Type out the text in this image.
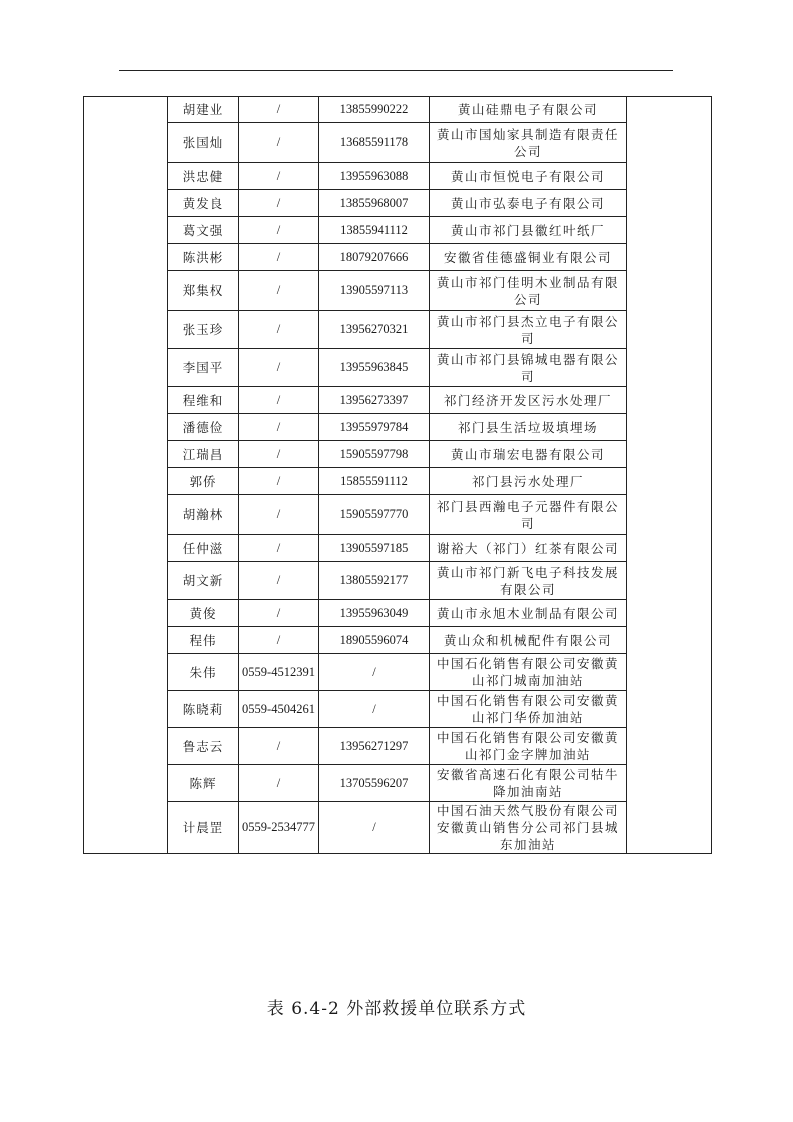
	胡建业	/	13855990222	黄山硅鼎电子有限公司	
	张国灿	/	13685591178	黄山市国灿家具制造有限责任公司	
	洪忠健	/	13955963088	黄山市恒悦电子有限公司	
	黄发良	/	13855968007	黄山市弘泰电子有限公司	
	葛文强	/	13855941112	黄山市祁门县徽红叶纸厂	
	陈洪彬	/	18079207666	安徽省佳德盛铜业有限公司	
	郑集权	/	13905597113	黄山市祁门佳明木业制品有限公司	
	张玉珍	/	13956270321	黄山市祁门县杰立电子有限公司	
	李国平	/	13955963845	黄山市祁门县锦城电器有限公司	
	程维和	/	13956273397	祁门经济开发区污水处理厂	
	潘德俭	/	13955979784	祁门县生活垃圾填埋场	
	江瑞昌	/	15905597798	黄山市瑞宏电器有限公司	
	郭侨	/	15855591112	祁门县污水处理厂	
	胡瀚林	/	15905597770	祁门县西瀚电子元器件有限公司	
	任仲滋	/	13905597185	谢裕大（祁门）红茶有限公司	
	胡文新	/	13805592177	黄山市祁门新飞电子科技发展有限公司	
	黄俊	/	13955963049	黄山市永旭木业制品有限公司	
	程伟	/	18905596074	黄山众和机械配件有限公司	
	朱伟	0559-4512391	/	中国石化销售有限公司安徽黄山祁门城南加油站	
	陈晓莉	0559-4504261	/	中国石化销售有限公司安徽黄山祁门华侨加油站	
	鲁志云	/	13956271297	中国石化销售有限公司安徽黄山祁门金字牌加油站	
	陈辉	/	13705596207	安徽省高速石化有限公司牯牛降加油南站	
	计晨罡	0559-2534777	/	中国石油天然气股份有限公司安徽黄山销售分公司祁门县城东加油站	
表 6.4-2 外部救援单位联系方式
